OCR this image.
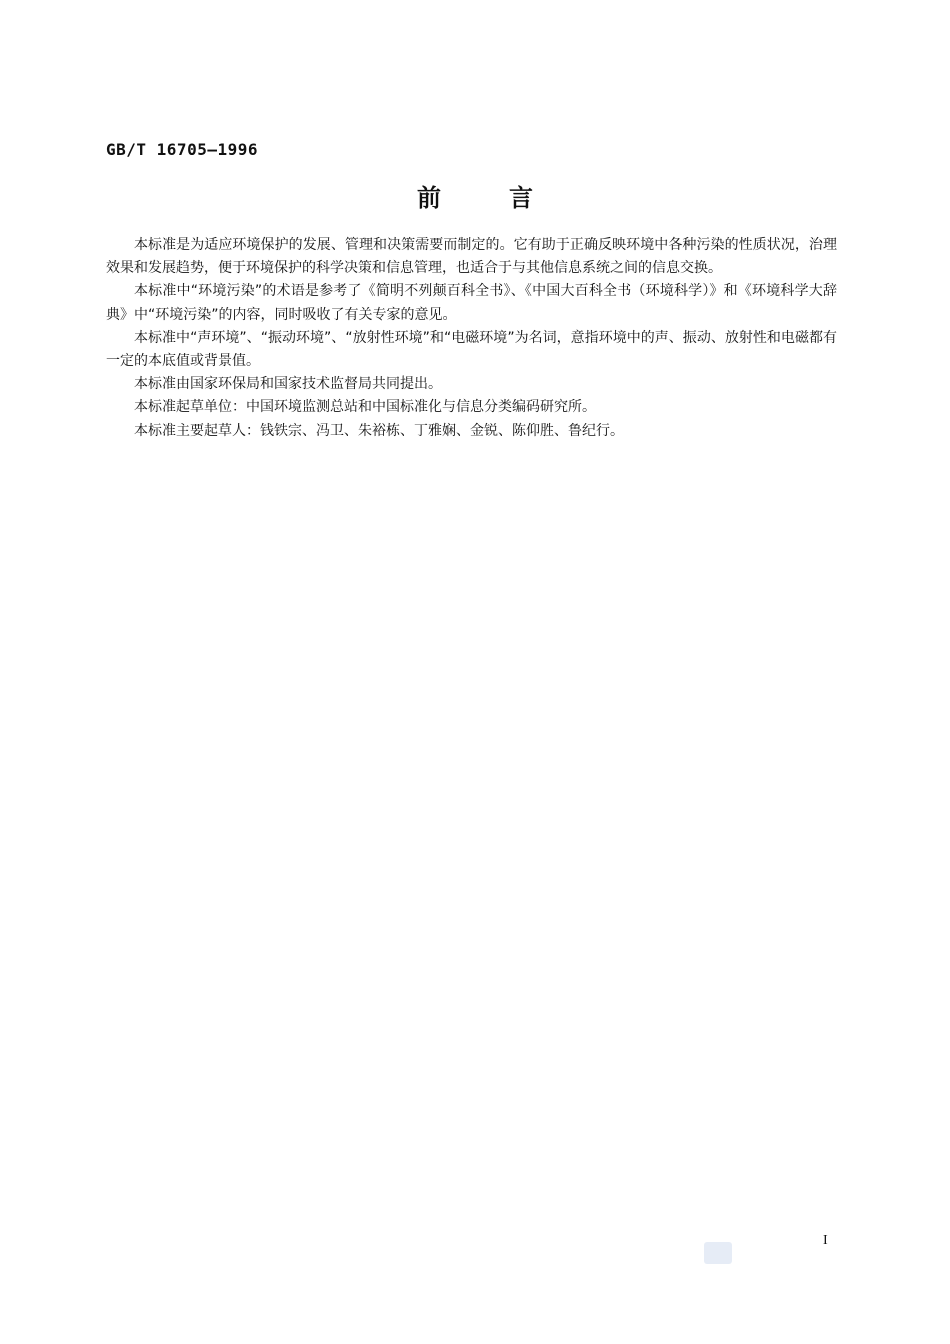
GB/T 16705—1996
前言

本标准是为适应环境保护的发展、管理和决策需要而制定的。它有助于正确反映环境中各种污染的性质状况，治理效果和发展趋势，便于环境保护的科学决策和信息管理，也适合于与其他信息系统之间的信息交换。

本标准中“环境污染”的术语是参考了《简明不列颠百科全书》、《中国大百科全书（环境科学）》和《环境科学大辞典》中“环境污染”的内容，同时吸收了有关专家的意见。

本标准中“声环境”、“振动环境”、“放射性环境”和“电磁环境”为名词，意指环境中的声、振动、放射性和电磁都有一定的本底值或背景值。

本标准由国家环保局和国家技术监督局共同提出。

本标准起草单位：中国环境监测总站和中国标准化与信息分类编码研究所。

本标准主要起草人：钱铁宗、冯卫、朱裕栋、丁雅娴、金锐、陈仰胜、鲁纪行。

I
